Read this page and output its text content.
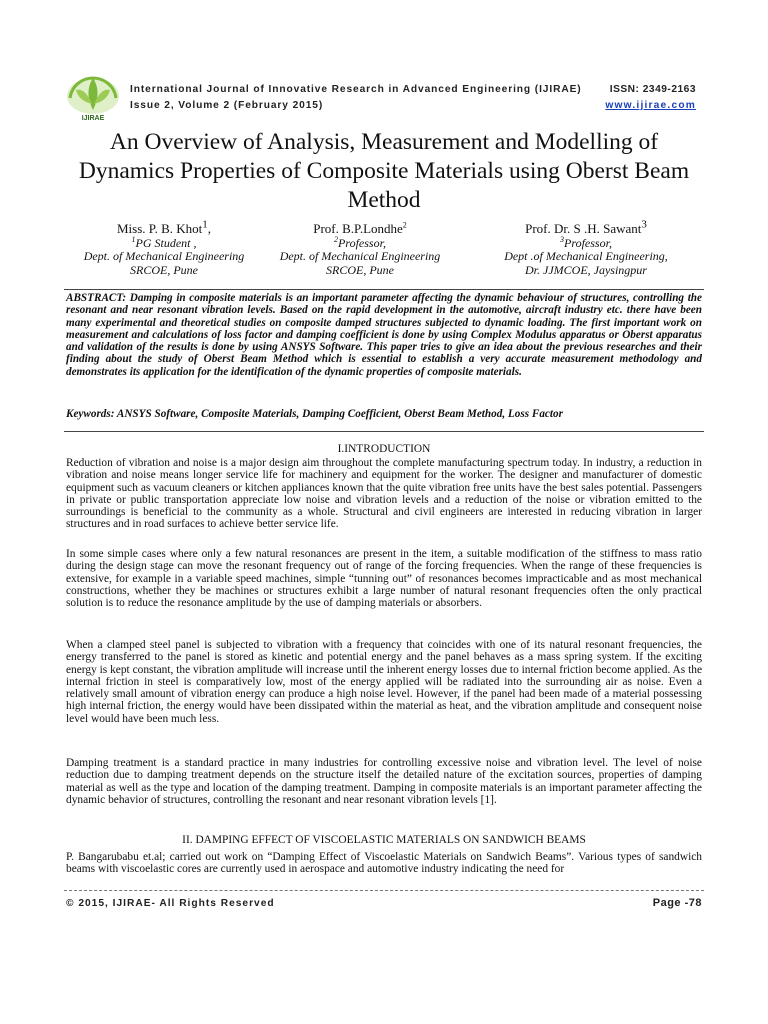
IJIRAE
International Journal of Innovative Research in Advanced Engineering (IJIRAE)
Issue 2, Volume 2 (February 2015)
ISSN: 2349-2163
www.ijirae.com
An Overview of Analysis, Measurement and Modelling of Dynamics Properties of Composite Materials using Oberst Beam Method
Miss. P. B. Khot$^1$,
$^1$PG Student ,
Dept. of Mechanical Engineering
SRCOE, Pune
Prof. B.P.Londhe$^2$
$^2$Professor,
Dept. of Mechanical Engineering
SRCOE, Pune
Prof. Dr. S .H. Sawant$^3$
$^3$Professor,
Dept .of Mechanical Engineering,
Dr. JJMCOE, Jaysingpur
ABSTRACT: Damping in composite materials is an important parameter affecting the dynamic behaviour of structures, controlling the resonant and near resonant vibration levels. Based on the rapid development in the automotive, aircraft industry etc. there have been many experimental and theoretical studies on composite damped structures subjected to dynamic loading. The first important work on measurement and calculations of loss factor and damping coefficient is done by using Complex Modulus apparatus or Oberst apparatus and validation of the results is done by using ANSYS Software. This paper tries to give an idea about the previous researches and their finding about the study of Oberst Beam Method which is essential to establish a very accurate measurement methodology and demonstrates its application for the identification of the dynamic properties of composite materials.
Keywords: ANSYS Software, Composite Materials, Damping Coefficient, Oberst Beam Method, Loss Factor
I.INTRODUCTION
Reduction of vibration and noise is a major design aim throughout the complete manufacturing spectrum today. In industry, a reduction in vibration and noise means longer service life for machinery and equipment for the worker. The designer and manufacturer of domestic equipment such as vacuum cleaners or kitchen appliances known that the quite vibration free units have the best sales potential. Passengers in private or public transportation appreciate low noise and vibration levels and a reduction of the noise or vibration emitted to the surroundings is beneficial to the community as a whole. Structural and civil engineers are interested in reducing vibration in larger structures and in road surfaces to achieve better service life.
In some simple cases where only a few natural resonances are present in the item, a suitable modification of the stiffness to mass ratio during the design stage can move the resonant frequency out of range of the forcing frequencies. When the range of these frequencies is extensive, for example in a variable speed machines, simple “tunning out” of resonances becomes impracticable and as most mechanical constructions, whether they be machines or structures exhibit a large number of natural resonant frequencies often the only practical solution is to reduce the resonance amplitude by the use of damping materials or absorbers.
When a clamped steel panel is subjected to vibration with a frequency that coincides with one of its natural resonant frequencies, the energy transferred to the panel is stored as kinetic and potential energy and the panel behaves as a mass spring system. If the exciting energy is kept constant, the vibration amplitude will increase until the inherent energy losses due to internal friction become applied. As the internal friction in steel is comparatively low, most of the energy applied will be radiated into the surrounding air as noise. Even a relatively small amount of vibration energy can produce a high noise level. However, if the panel had been made of a material possessing high internal friction, the energy would have been dissipated within the material as heat, and the vibration amplitude and consequent noise level would have been much less.
Damping treatment is a standard practice in many industries for controlling excessive noise and vibration level. The level of noise reduction due to damping treatment depends on the structure itself the detailed nature of the excitation sources, properties of damping material as well as the type and location of the damping treatment. Damping in composite materials is an important parameter affecting the dynamic behavior of structures, controlling the resonant and near resonant vibration levels [1].
II. DAMPING EFFECT OF VISCOELASTIC MATERIALS ON SANDWICH BEAMS
P. Bangarubabu et.al; carried out work on “Damping Effect of Viscoelastic Materials on Sandwich Beams”. Various types of sandwich beams with viscoelastic cores are currently used in aerospace and automotive industry indicating the need for
© 2015, IJIRAE- All Rights Reserved	Page -78
